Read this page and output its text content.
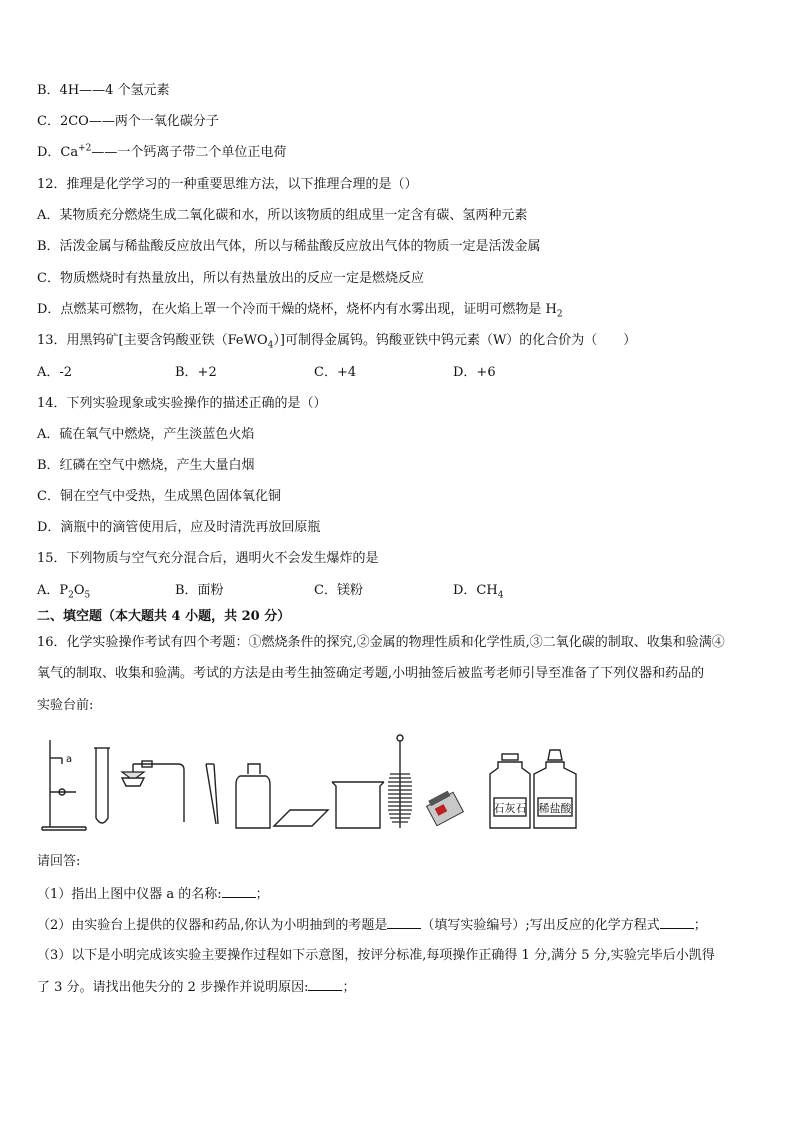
B．4H——4 个氢元素
C．2CO——两个一氧化碳分子
D．$Ca^{+2}——$一个钙离子带二个单位正电荷
12．推理是化学学习的一种重要思维方法，以下推理合理的是（）
A．某物质充分燃烧生成二氧化碳和水，所以该物质的组成里一定含有碳、氢两种元素
B．活泼金属与稀盐酸反应放出气体，所以与稀盐酸反应放出气体的物质一定是活泼金属
C．物质燃烧时有热量放出，所以有热量放出的反应一定是燃烧反应
D．点燃某可燃物，在火焰上罩一个冷而干燥的烧杯，烧杯内有水雾出现，证明可燃物是 $H_2$
13．用黑钨矿[主要含钨酸亚铁（FeWO$_4$）]可制得金属钨。钨酸亚铁中钨元素（W）的化合价为（　　）
A．-2	B．+2	C．+4	D．+6
14．下列实验现象或实验操作的描述正确的是（）
A．硫在氧气中燃烧，产生淡蓝色火焰
B．红磷在空气中燃烧，产生大量白烟
C．铜在空气中受热，生成黑色固体氧化铜
D．滴瓶中的滴管使用后，应及时清洗再放回原瓶
15．下列物质与空气充分混合后，遇明火不会发生爆炸的是
A．$P_2O_5$	B．面粉	C．镁粉	D．$CH_4$
二、填空题（本大题共 4 小题，共 20 分）
16．化学实验操作考试有四个考题：①燃烧条件的探究,②金属的物理性质和化学性质,③二氧化碳的制取、收集和验满④
氧气的制取、收集和验满。考试的方法是由考生抽签确定考题,小明抽签后被监考老师引导至准备了下列仪器和药品的
实验台前:
a
石灰石 稀盐酸
请回答:
（1）指出上图中仪器 a 的名称:	；
（2）由实验台上提供的仪器和药品,你认为小明抽到的考题是	（填写实验编号）;写出反应的化学方程式	；
（3）以下是小明完成该实验主要操作过程如下示意图，按评分标准,每项操作正确得 1 分,满分 5 分,实验完毕后小凯得
了 3 分。请找出他失分的 2 步操作并说明原因:	；
